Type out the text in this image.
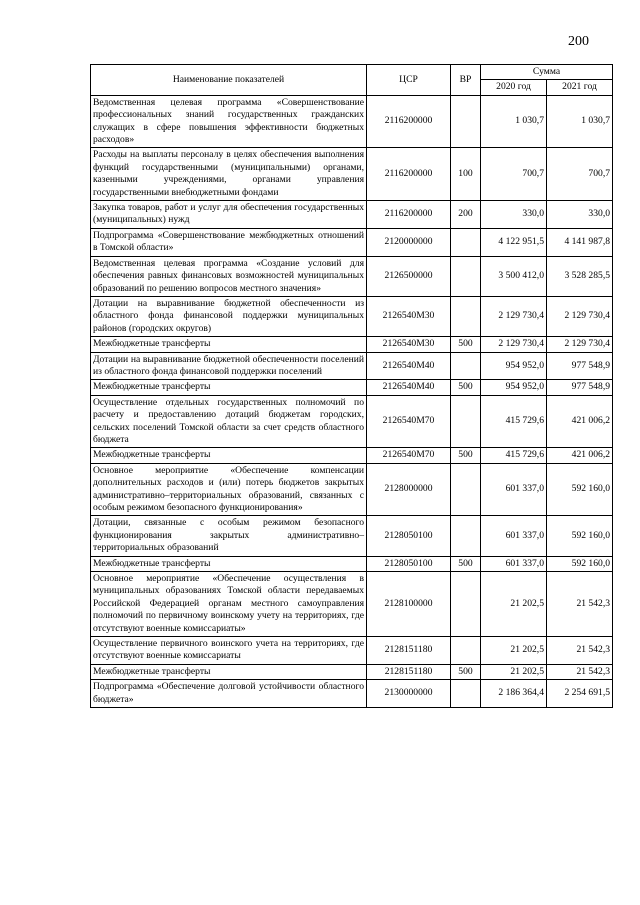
200
Наименование показателей	ЦСР	ВР	Сумма	
			2020 год	2021 год
Ведомственная целевая программа «Совершенствование профессиональных знаний государственных гражданских служащих в сфере повышения эффективности бюджетных расходов»	2116200000		1 030,7	1 030,7
Расходы на выплаты персоналу в целях обеспечения выполнения функций государственными (муниципальными) органами, казенными учреждениями, органами управления государственными внебюджетными фондами	2116200000	100	700,7	700,7
Закупка товаров, работ и услуг для обеспечения государственных (муниципальных) нужд	2116200000	200	330,0	330,0
Подпрограмма «Совершенствование межбюджетных отношений в Томской области»	2120000000		4 122 951,5	4 141 987,8
Ведомственная целевая программа «Создание условий для обеспечения равных финансовых возможностей муниципальных образований по решению вопросов местного значения»	2126500000		3 500 412,0	3 528 285,5
Дотации на выравнивание бюджетной обеспеченности из областного фонда финансовой поддержки муниципальных районов (городских округов)	2126540М30		2 129 730,4	2 129 730,4
Межбюджетные трансферты	2126540М30	500	2 129 730,4	2 129 730,4
Дотации на выравнивание бюджетной обеспеченности поселений из областного фонда финансовой поддержки поселений	2126540М40		954 952,0	977 548,9
Межбюджетные трансферты	2126540М40	500	954 952,0	977 548,9
Осуществление отдельных государственных полномочий по расчету и предоставлению дотаций бюджетам городских, сельских поселений Томской области за счет средств областного бюджета	2126540М70		415 729,6	421 006,2
Межбюджетные трансферты	2126540М70	500	415 729,6	421 006,2
Основное мероприятие «Обеспечение компенсации дополнительных расходов и (или) потерь бюджетов закрытых административно–территориальных образований, связанных с особым режимом безопасного функционирования»	2128000000		601 337,0	592 160,0
Дотации, связанные с особым режимом безопасного функционирования закрытых административно–территориальных образований	2128050100		601 337,0	592 160,0
Межбюджетные трансферты	2128050100	500	601 337,0	592 160,0
Основное мероприятие «Обеспечение осуществления в муниципальных образованиях Томской области передаваемых Российской Федерацией органам местного самоуправления полномочий по первичному воинскому учету на территориях, где отсутствуют военные комиссариаты»	2128100000		21 202,5	21 542,3
Осуществление первичного воинского учета на территориях, где отсутствуют военные комиссариаты	2128151180		21 202,5	21 542,3
Межбюджетные трансферты	2128151180	500	21 202,5	21 542,3
Подпрограмма «Обеспечение долговой устойчивости областного бюджета»	2130000000		2 186 364,4	2 254 691,5
